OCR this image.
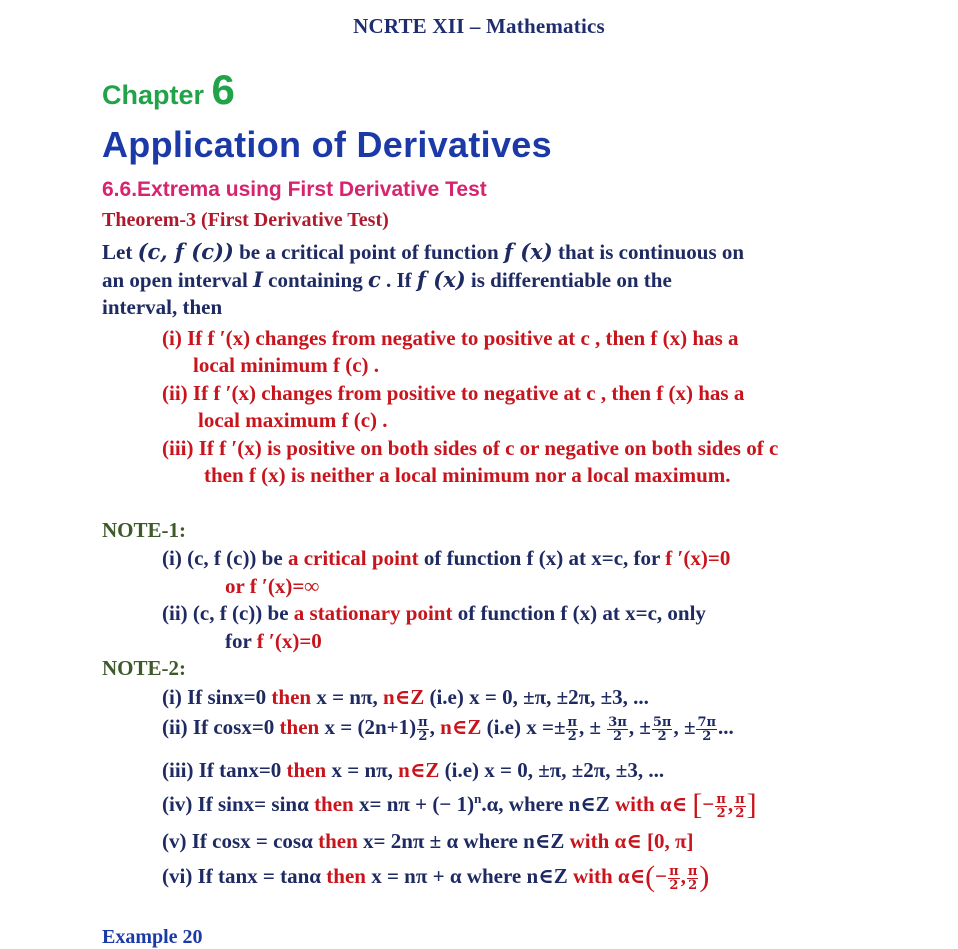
NCRTE XII – Mathematics
Chapter 6
Application of Derivatives
6.6.Extrema using First Derivative Test
Theorem-3 (First Derivative Test)
Let (c, f (c)) be a critical point of function f (x) that is continuous on
an open interval I containing c . If f (x) is differentiable on the
interval, then
(i) If f ′(x) changes from negative to positive at c , then f (x) has a
local minimum f (c) .
(ii) If f ′(x) changes from positive to negative at c , then f (x) has a
local maximum f (c) .
(iii) If f ′(x) is positive on both sides of c or negative on both sides of c
then f (x) is neither a local minimum nor a local maximum.
NOTE-1:
(i) (c, f (c)) be a critical point of function f (x) at x=c, for f ′(x)=0
or f ′(x)=∞
(ii) (c, f (c)) be a stationary point of function f (x) at x=c, only
for f ′(x)=0
NOTE-2:
(i) If sinx=0 then x = nπ, n∈Z (i.e) x = 0, ±π, ±2π, ±3, ...
(ii) If cosx=0 then $x = (2n+1) \frac{\pi}{2}$ , n∈Z (i.e) $x =\pm \frac{\pi}{2}$ , ± $\frac{3\pi}{2}$ , ± $\frac{5\pi}{2}$ , ± $\frac{7\pi}{2}$ ...
(iii) If tanx=0 then x = nπ, n∈Z (i.e) x = 0, ±π, ±2π, ±3, ...
(iv) If sinx= sinα then x= nπ + (− 1)$^n$.α, where n∈Z with α∈ [− $\frac{\pi}{2}$ , $\frac{\pi}{2}$ ]
(v) If cosx = cosα then x= 2nπ ± α where n∈Z with α∈ [0, π]
(vi) If tanx = tanα then x = nπ + α where n∈Z with α∈(− $\frac{\pi}{2}$ , $\frac{\pi}{2}$ )
Example 20
